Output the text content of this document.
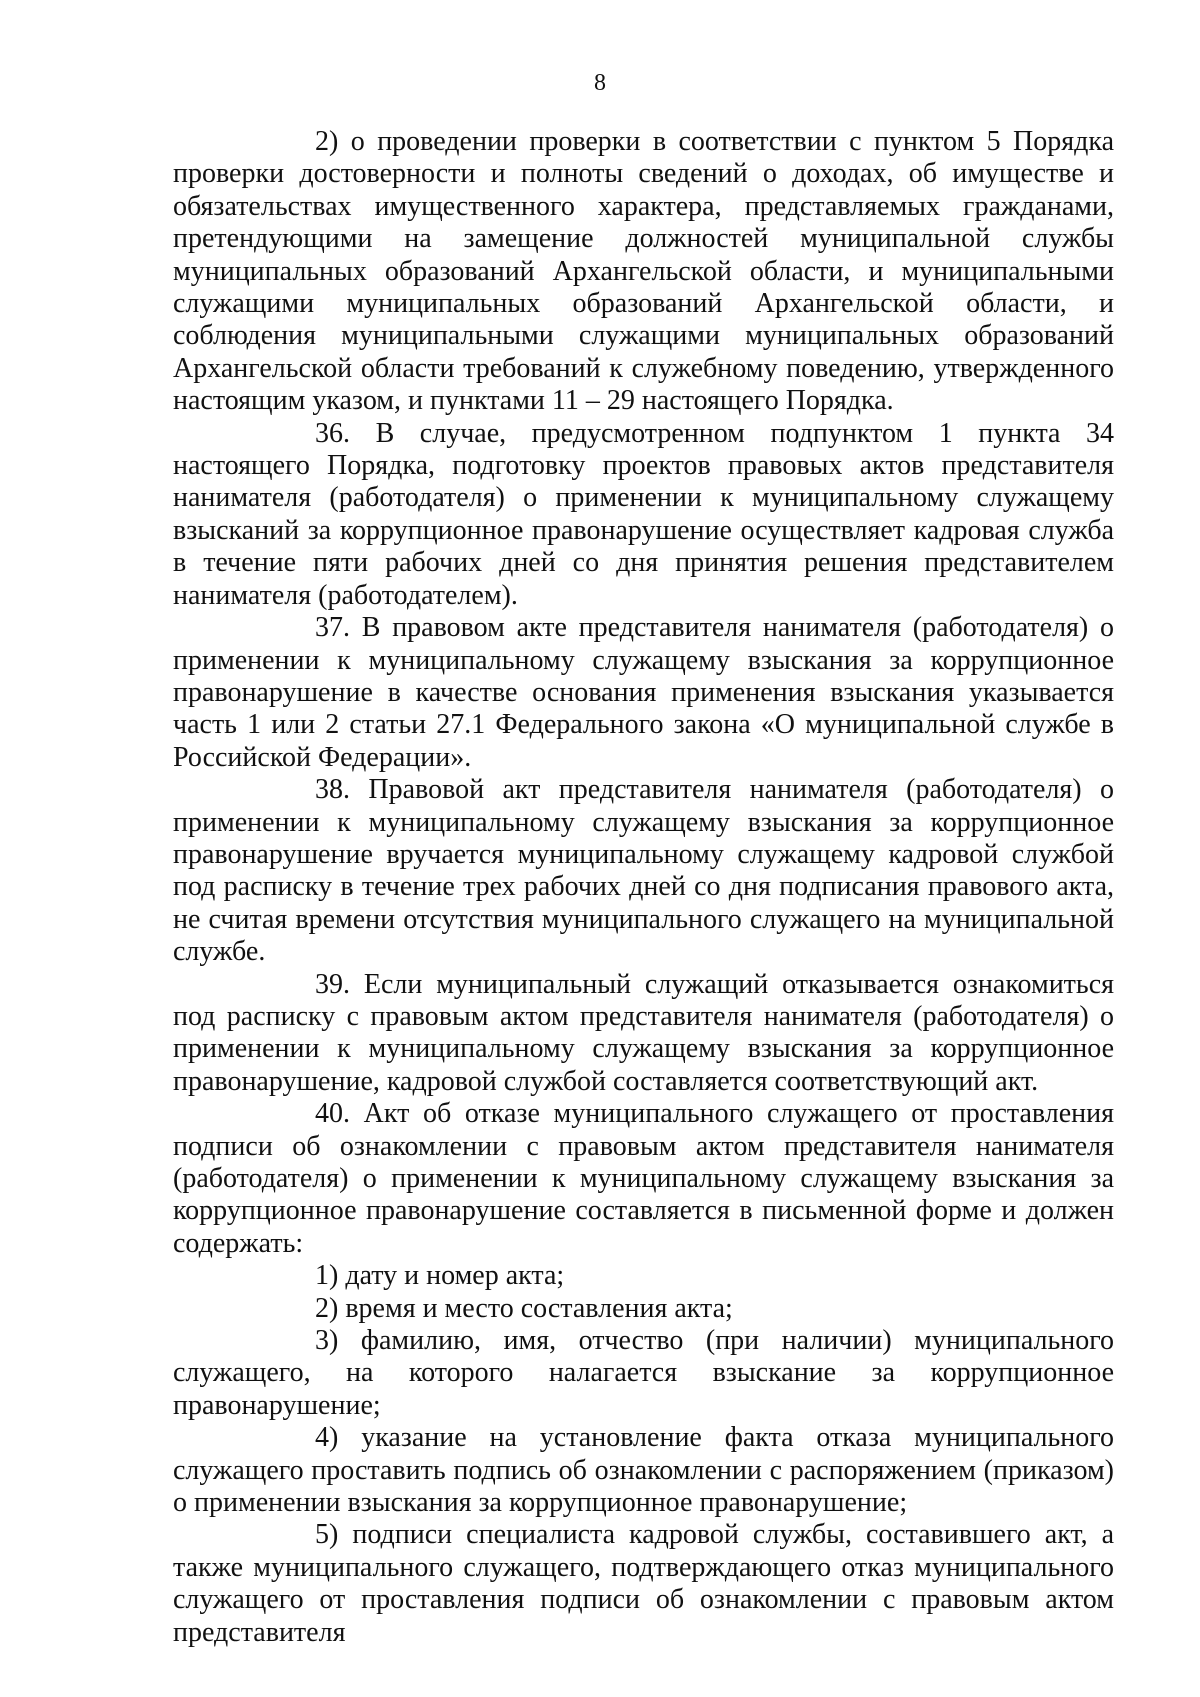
8

2) о проведении проверки в соответствии с пунктом 5 Порядка проверки достоверности и полноты сведений о доходах, об имуществе и обязательствах имущественного характера, представляемых гражданами, претендующими на замещение должностей муниципальной службы муниципальных образований Архангельской области, и муниципальными служащими муниципальных образований Архангельской области, и соблюдения муниципальными служащими муниципальных образований Архангельской области требований к служебному поведению, утвержденного настоящим указом, и пунктами 11 – 29 настоящего Порядка.

36. В случае, предусмотренном подпунктом 1 пункта 34 настоящего Порядка, подготовку проектов правовых актов представителя нанимателя (работодателя) о применении к муниципальному служащему взысканий за коррупционное правонарушение осуществляет кадровая служба в течение пяти рабочих дней со дня принятия решения представителем нанимателя (работодателем).

37. В правовом акте представителя нанимателя (работодателя) о применении к муниципальному служащему взыскания за коррупционное правонарушение в качестве основания применения взыскания указывается часть 1 или 2 статьи 27.1 Федерального закона «О муниципальной службе в Российской Федерации».

38. Правовой акт представителя нанимателя (работодателя) о применении к муниципальному служащему взыскания за коррупционное правонарушение вручается муниципальному служащему кадровой службой под расписку в течение трех рабочих дней со дня подписания правового акта, не считая времени отсутствия муниципального служащего на муниципальной службе.

39. Если муниципальный служащий отказывается ознакомиться под расписку с правовым актом представителя нанимателя (работодателя) о применении к муниципальному служащему взыскания за коррупционное правонарушение, кадровой службой составляется соответствующий акт.

40. Акт об отказе муниципального служащего от проставления подписи об ознакомлении с правовым актом представителя нанимателя (работодателя) о применении к муниципальному служащему взыскания за коррупционное правонарушение составляется в письменной форме и должен содержать:

1) дату и номер акта;

2) время и место составления акта;

3) фамилию, имя, отчество (при наличии) муниципального служащего, на которого налагается взыскание за коррупционное правонарушение;

4) указание на установление факта отказа муниципального служащего проставить подпись об ознакомлении с распоряжением (приказом) о применении взыскания за коррупционное правонарушение;

5) подписи специалиста кадровой службы, составившего акт, а также муниципального служащего, подтверждающего отказ муниципального служащего от проставления подписи об ознакомлении с правовым актом представителя
